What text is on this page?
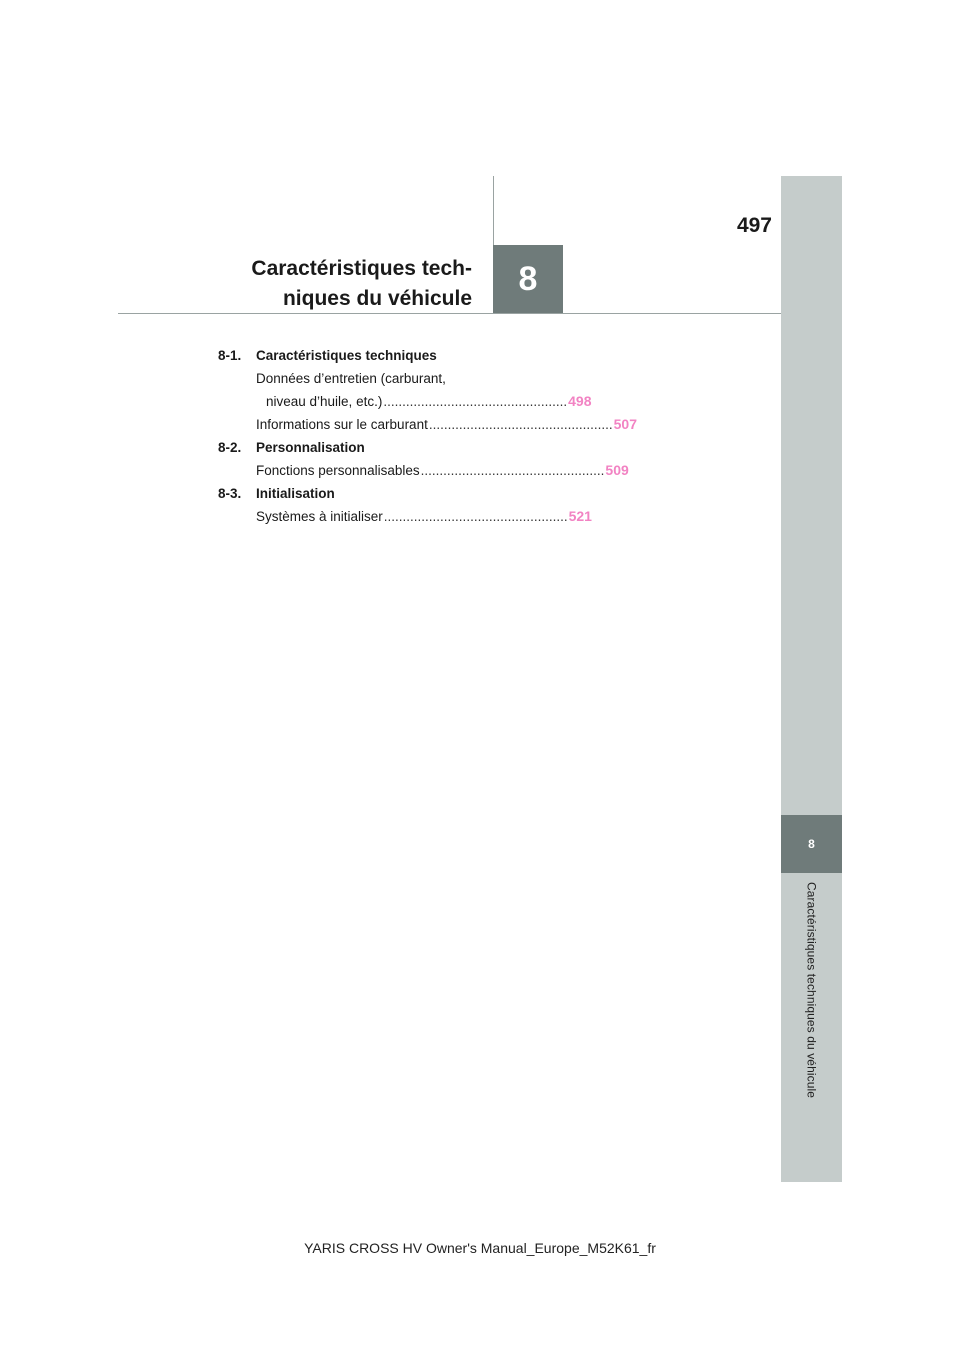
8
Caractéristiques techniques du véhicule
8
497
Caractéristiques tech-
niques du véhicule
8-1. Caractéristiques techniques
Données d’entretien (carburant,
niveau d’huile, etc.) ................................................. 498
Informations sur le carburant ................................................. 507
8-2. Personnalisation
Fonctions personnalisables ................................................. 509
8-3. Initialisation
Systèmes à initialiser ................................................. 521
YARIS CROSS HV Owner's Manual_Europe_M52K61_fr
